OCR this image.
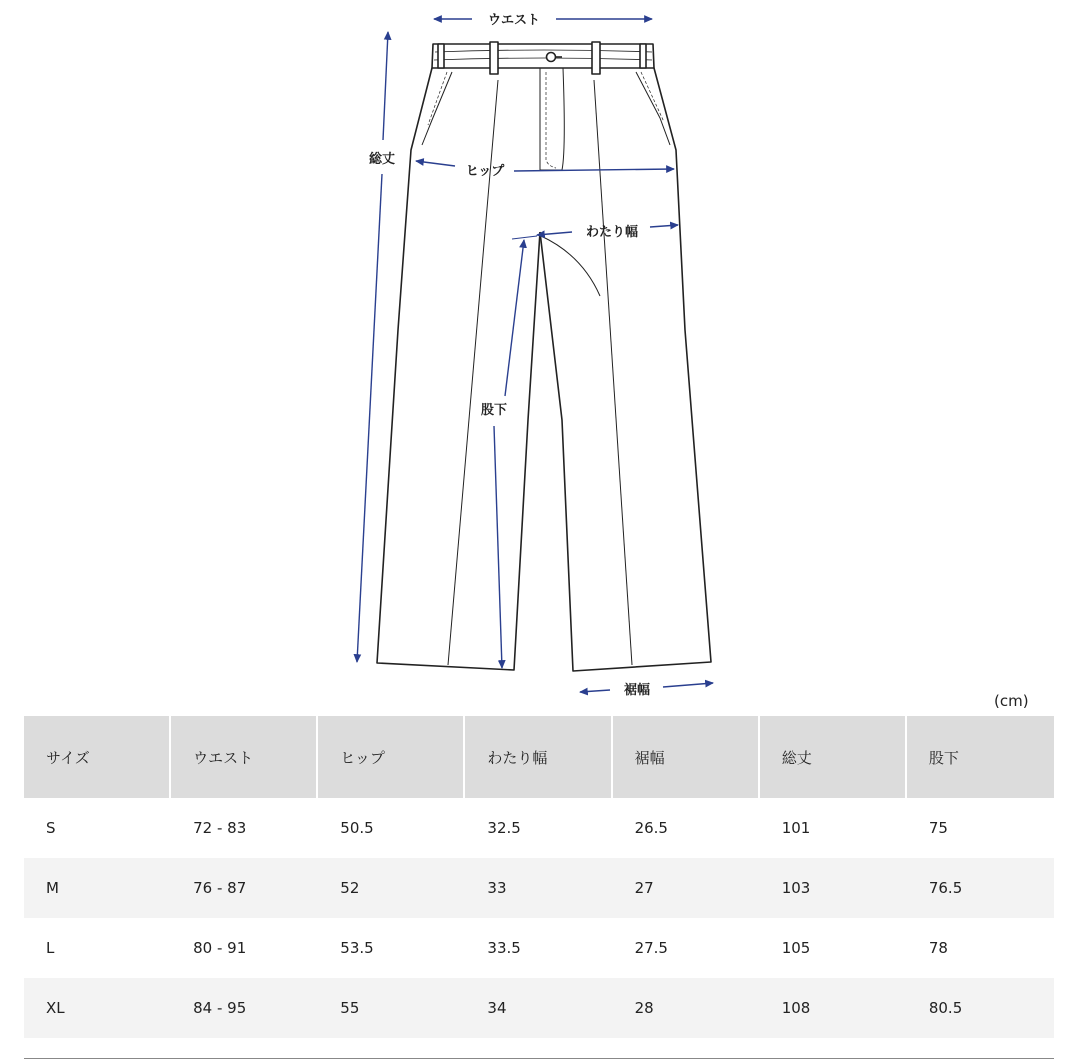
ウエスト
総丈
ヒップ
わたり幅
股下
裾幅
(cm)
サイズ	ウエスト	ヒップ	わたり幅	裾幅	総丈	股下
S	72 - 83	50.5	32.5	26.5	101	75
M	76 - 87	52	33	27	103	76.5
L	80 - 91	53.5	33.5	27.5	105	78
XL	84 - 95	55	34	28	108	80.5
